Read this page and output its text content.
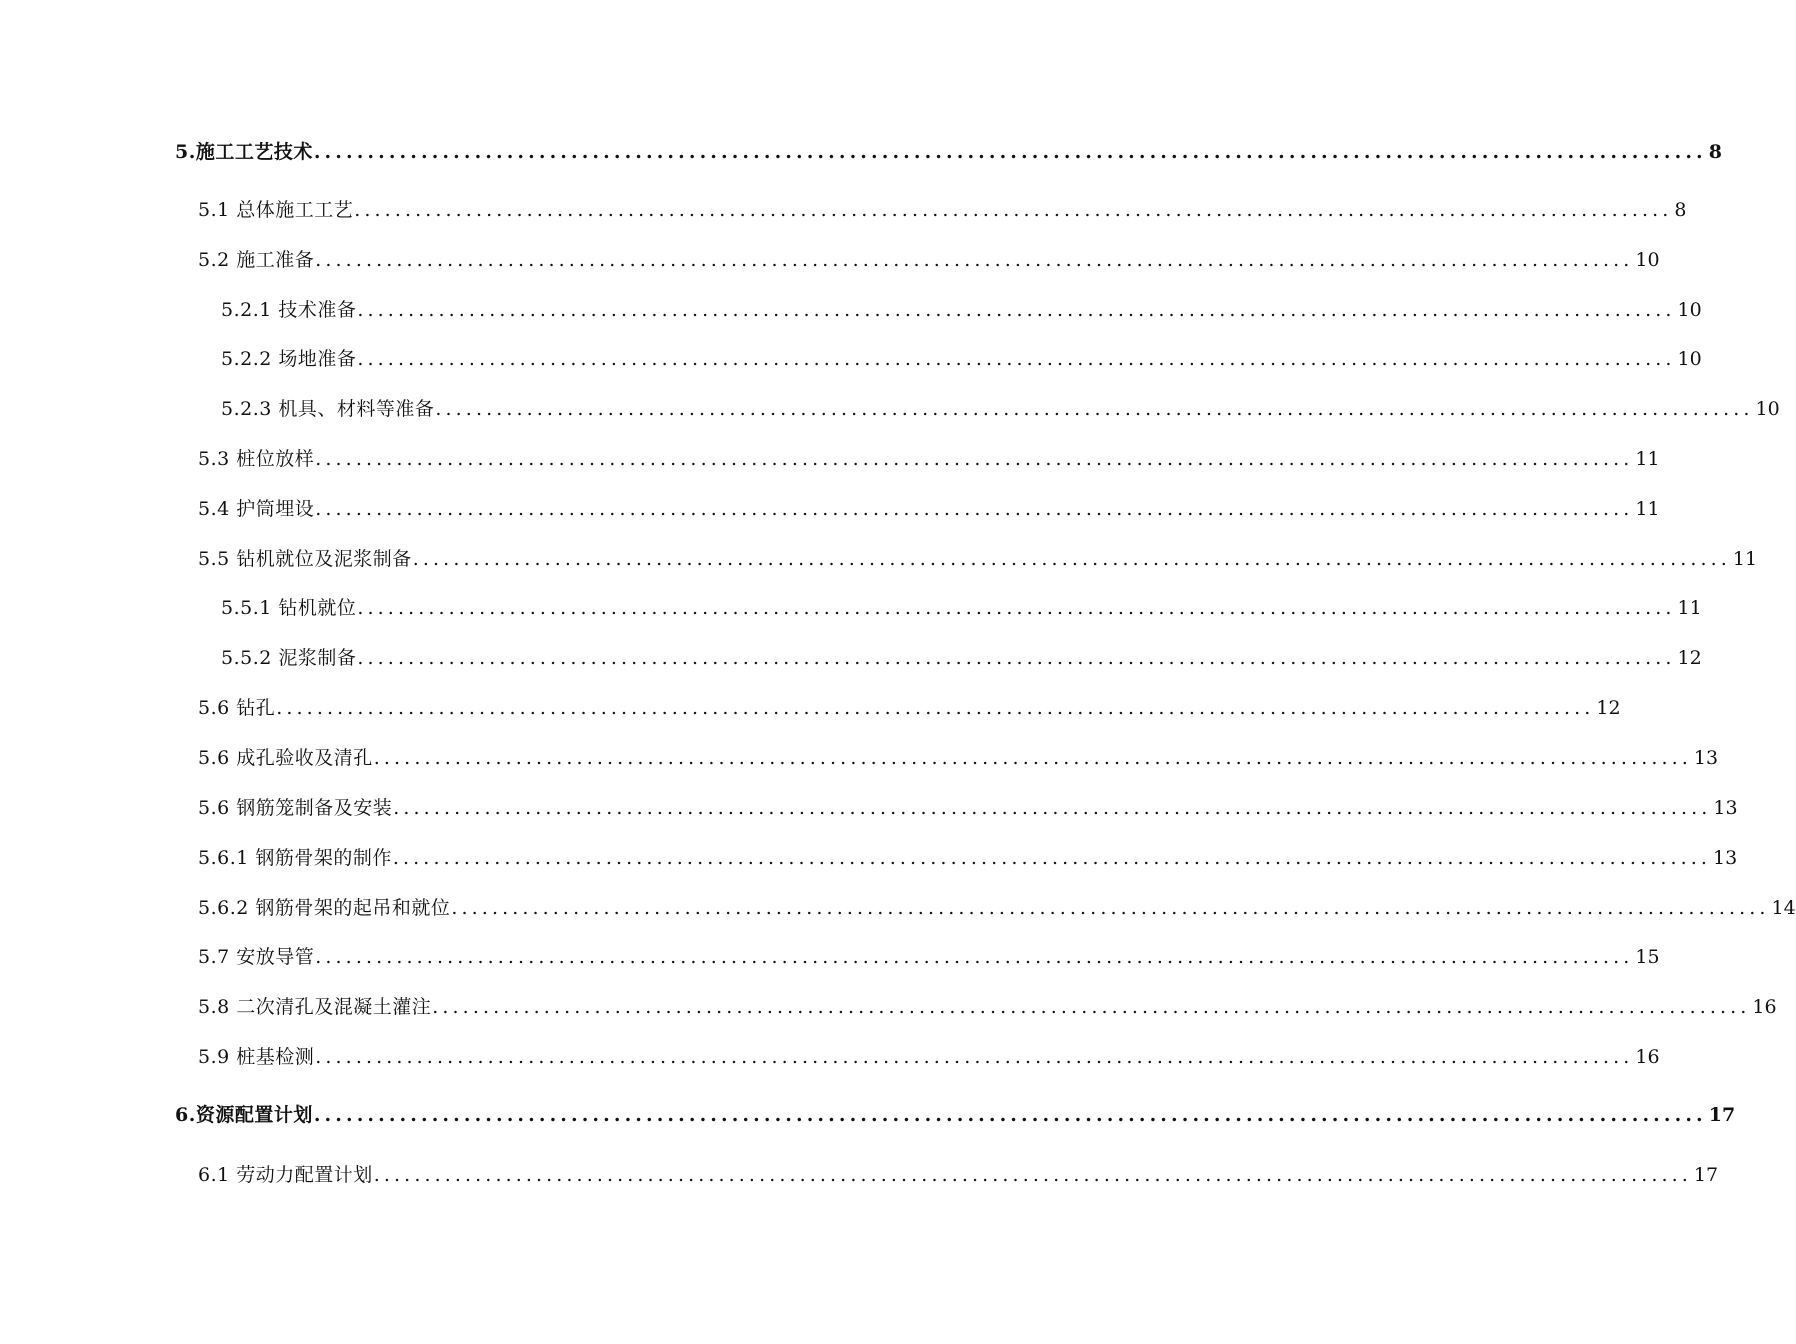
5.施工工艺技术 .................................................................................................................................. 8
5.1 总体施工工艺 .................................................................................................................................. 8
5.2 施工准备 .................................................................................................................................. 10
5.2.1 技术准备 .................................................................................................................................. 10
5.2.2 场地准备 .................................................................................................................................. 10
5.2.3 机具、材料等准备 .................................................................................................................................. 10
5.3 桩位放样 .................................................................................................................................. 11
5.4 护筒埋设 .................................................................................................................................. 11
5.5 钻机就位及泥浆制备 .................................................................................................................................. 11
5.5.1 钻机就位 .................................................................................................................................. 11
5.5.2 泥浆制备 .................................................................................................................................. 12
5.6 钻孔 .................................................................................................................................. 12
5.6 成孔验收及清孔 .................................................................................................................................. 13
5.6 钢筋笼制备及安装 .................................................................................................................................. 13
5.6.1 钢筋骨架的制作 .................................................................................................................................. 13
5.6.2 钢筋骨架的起吊和就位 .................................................................................................................................. 14
5.7 安放导管 .................................................................................................................................. 15
5.8 二次清孔及混凝土灌注 .................................................................................................................................. 16
5.9 桩基检测 .................................................................................................................................. 16
6.资源配置计划 .................................................................................................................................. 17
6.1 劳动力配置计划 .................................................................................................................................. 17
